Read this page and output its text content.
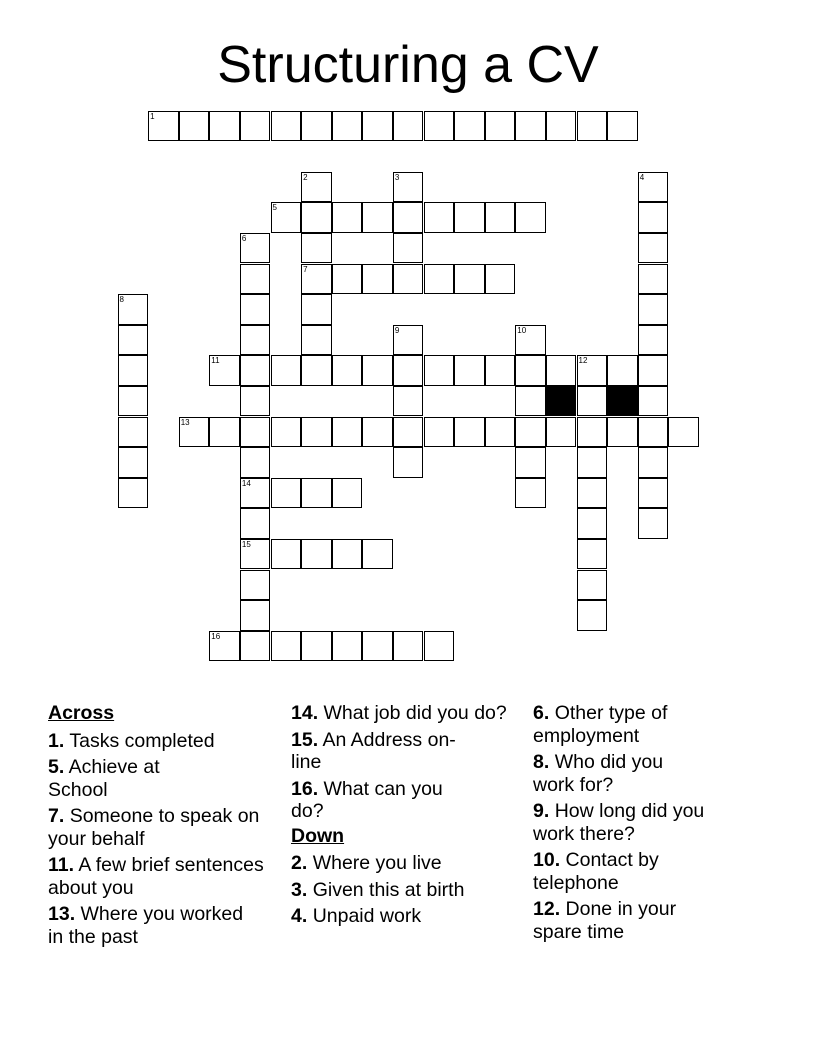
Structuring a CV
1
2	3	4
5
6
7
8
9	10
11	12
13
14
15
16
Across
1. Tasks completed
5. Achieve at School
7. Someone to speak on your behalf
11. A few brief sentences about you
13. Where you worked in the past
14. What job did you do?
15. An Address on-line
16. What can you do?
Down
2. Where you live
3. Given this at birth
4. Unpaid work
6. Other type of employment
8. Who did you work for?
9. How long did you work there?
10. Contact by telephone
12. Done in your spare time
